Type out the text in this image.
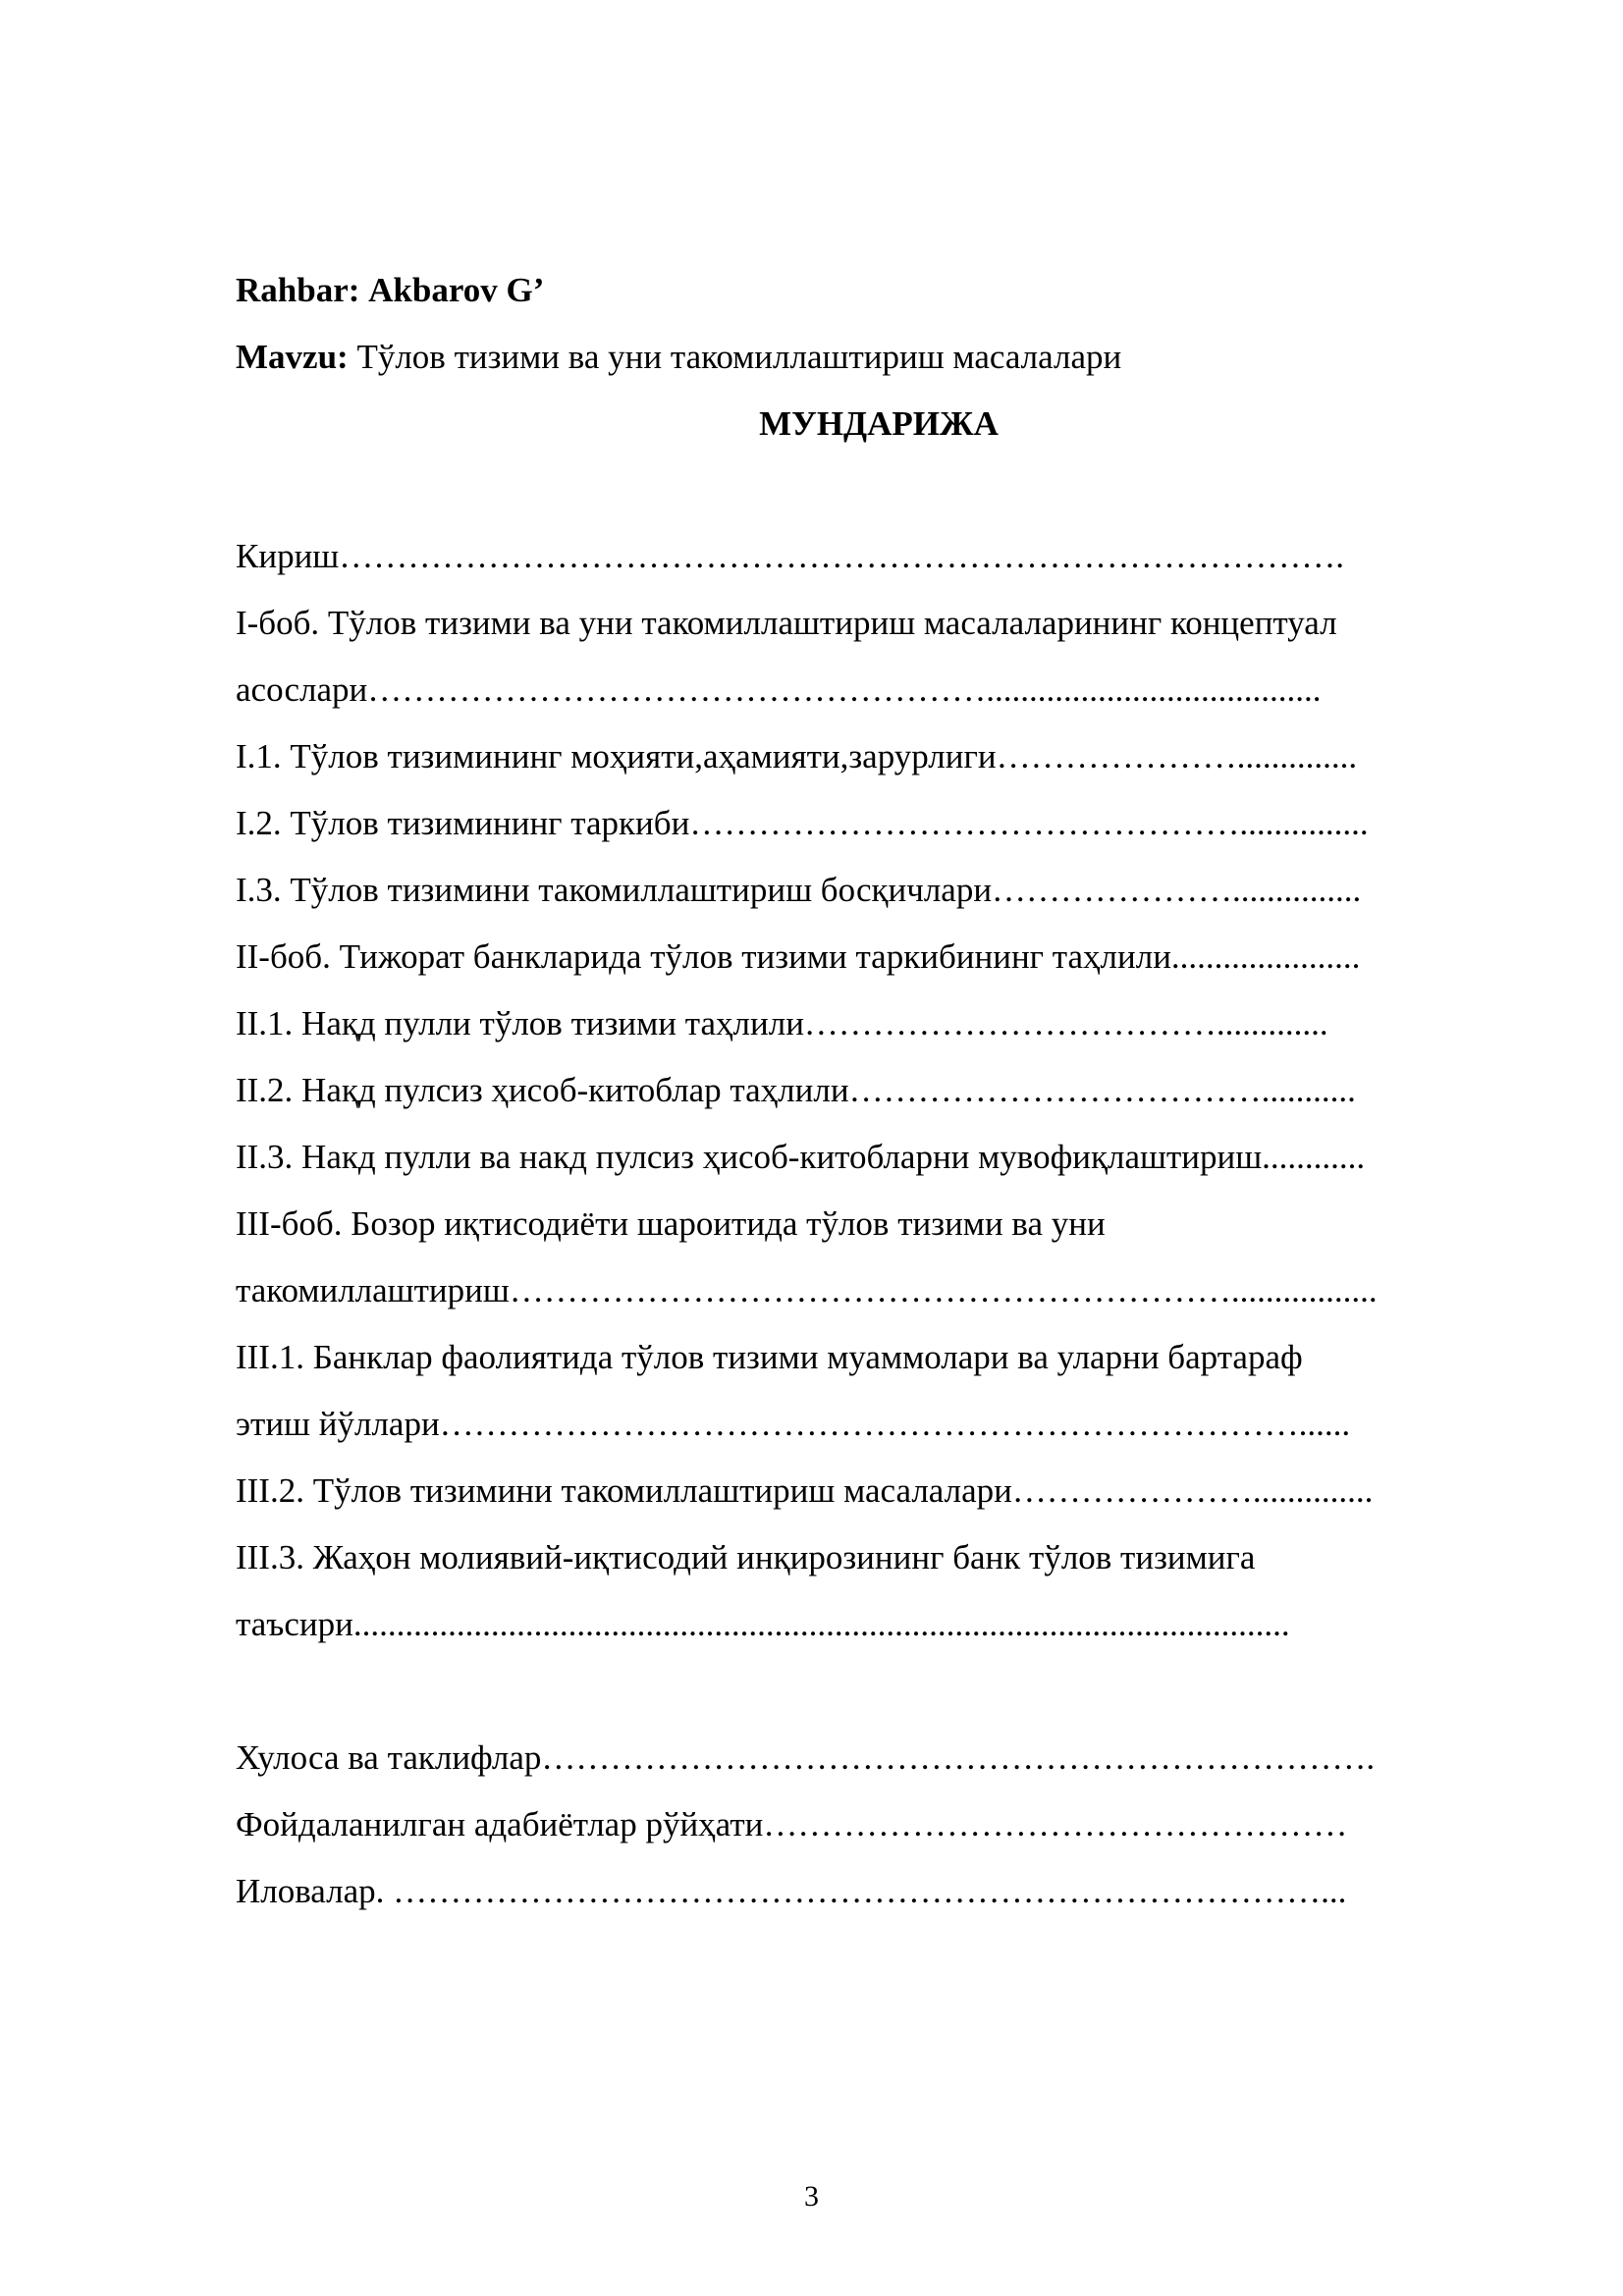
Rahbar: Akbarov G’
Mavzu: Тўлов тизими ва уни такомиллаштириш масалалари
МУНДАРИЖА
Кириш…………………………………………………………………………….
I-боб. Тўлов тизими ва уни такомиллаштириш масалаларининг концептуал
асослари……………………………………………….......................................
I.1. Тўлов тизимининг моҳияти,аҳамияти,зарурлиги…………………..............
I.2. Тўлов тизимининг таркиби…………………………………………...............
I.3. Тўлов тизимини такомиллаштириш босқичлари…………………...............
II-боб. Тижорат банкларида тўлов тизими таркибининг таҳлили......................
II.1. Нақд пулли тўлов тизими таҳлили……………………………….............
II.2. Нақд пулсиз ҳисоб-китоблар таҳлили………………………………...........
II.3. Накд пулли ва накд пулсиз ҳисоб-китобларни мувофиқлаштириш............
III-боб. Бозор иқтисодиёти шароитида тўлов тизими ва уни
такомиллаштириш……………………………………………………….................
III.1. Банклар фаолиятида тўлов тизими муаммолари ва уларни бартараф
этиш йўллари…………………………………………………………………......
III.2. Тўлов тизимини такомиллаштириш масалалари…………………..............
III.3. Жаҳон молиявий-иқтисодий инқирозининг банк тўлов тизимига
таъсири.............................................................................................................
Хулоса ва таклифлар……………………………………………………………….
Фойдаланилган адабиётлар рўйҳати……………………………………………
Иловалар. ………………………………………………………………………...
3
